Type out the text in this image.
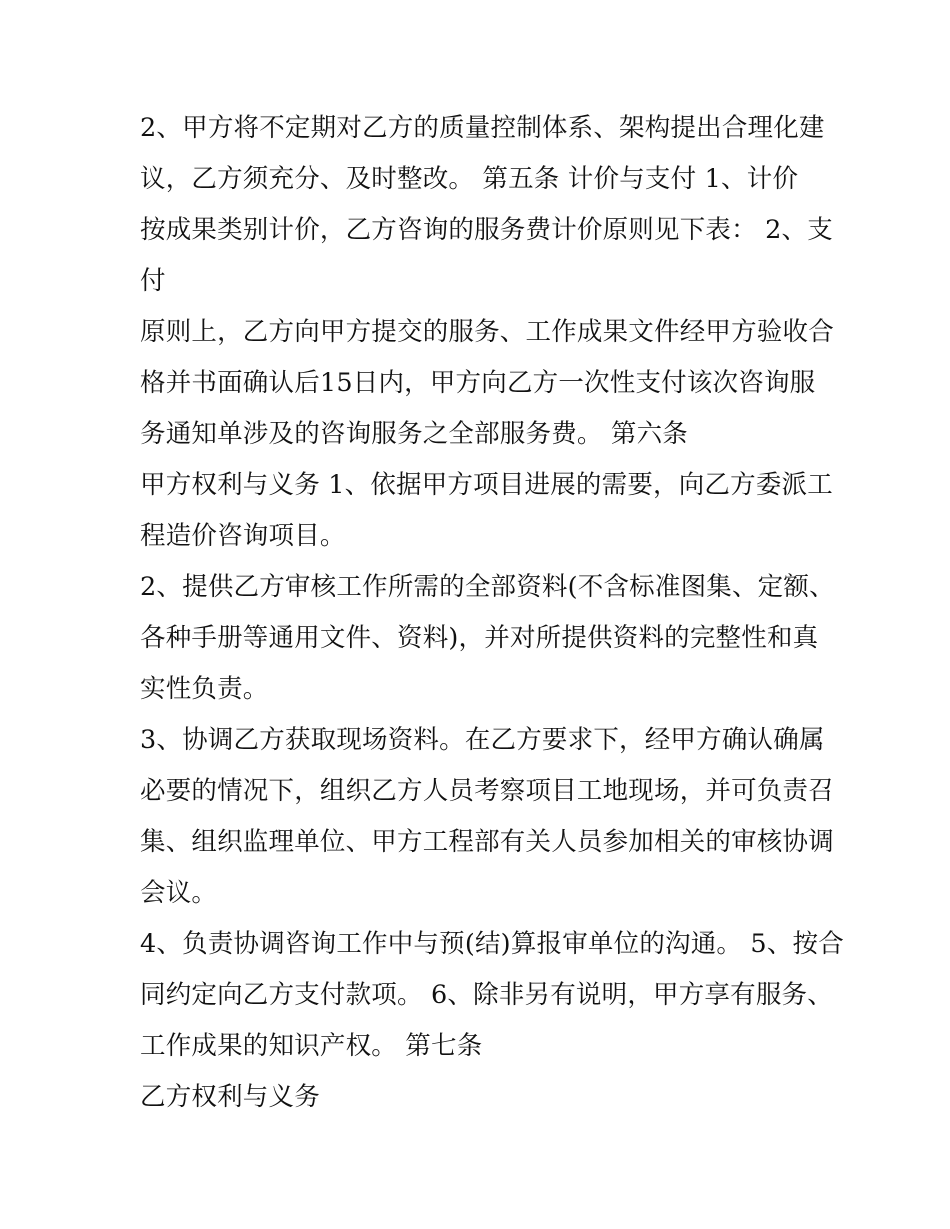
2、甲方将不定期对乙方的质量控制体系、架构提出合理化建
议，乙方须充分、及时整改。 第五条 计价与支付 1、计价
按成果类别计价，乙方咨询的服务费计价原则见下表： 2、支
付
原则上，乙方向甲方提交的服务、工作成果文件经甲方验收合
格并书面确认后15日内，甲方向乙方一次性支付该次咨询服
务通知单涉及的咨询服务之全部服务费。 第六条
甲方权利与义务 1、依据甲方项目进展的需要，向乙方委派工
程造价咨询项目。
2、提供乙方审核工作所需的全部资料(不含标准图集、定额、
各种手册等通用文件、资料)，并对所提供资料的完整性和真
实性负责。
3、协调乙方获取现场资料。在乙方要求下，经甲方确认确属
必要的情况下，组织乙方人员考察项目工地现场，并可负责召
集、组织监理单位、甲方工程部有关人员参加相关的审核协调
会议。
4、负责协调咨询工作中与预(结)算报审单位的沟通。 5、按合
同约定向乙方支付款项。 6、除非另有说明，甲方享有服务、
工作成果的知识产权。 第七条
乙方权利与义务
